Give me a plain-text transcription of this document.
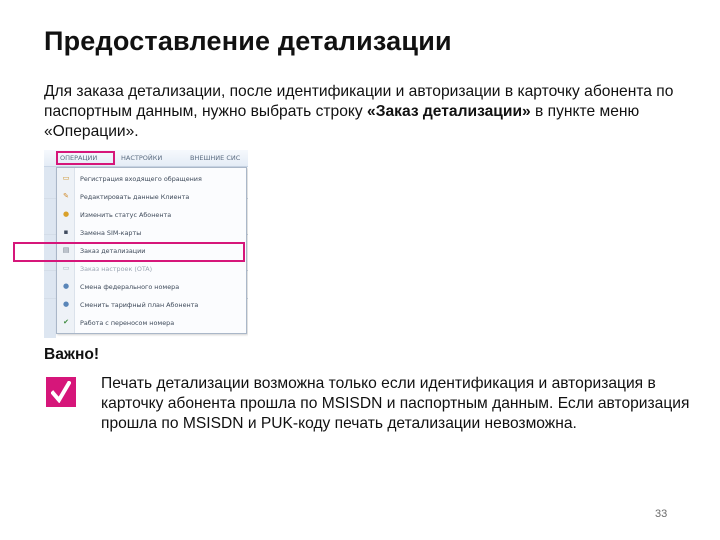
Предоставление детализации
Для заказа детализации, после идентификации и авторизации в карточку абонента по паспортным данным, нужно выбрать строку «Заказ детализации» в пункте меню «Операции».
ОПЕРАЦИИ	НАСТРОЙКИ	ВНЕШНИЕ СИС
▭ Регистрация входящего обращения
✎ Редактировать данные Клиента
● Изменить статус Абонента
▪ Замена SIM-карты
▤ Заказ детализации
▭ Заказ настроек (OTA)
● Смена федерального номера
● Сменить тарифный план Абонента
✔ Работа с переносом номера
Важно!
Печать детализации возможна только если идентификация и авторизация в карточку абонента прошла по MSISDN и паспортным данным. Если авторизация прошла по MSISDN и PUK-коду печать детализации невозможна.
33
